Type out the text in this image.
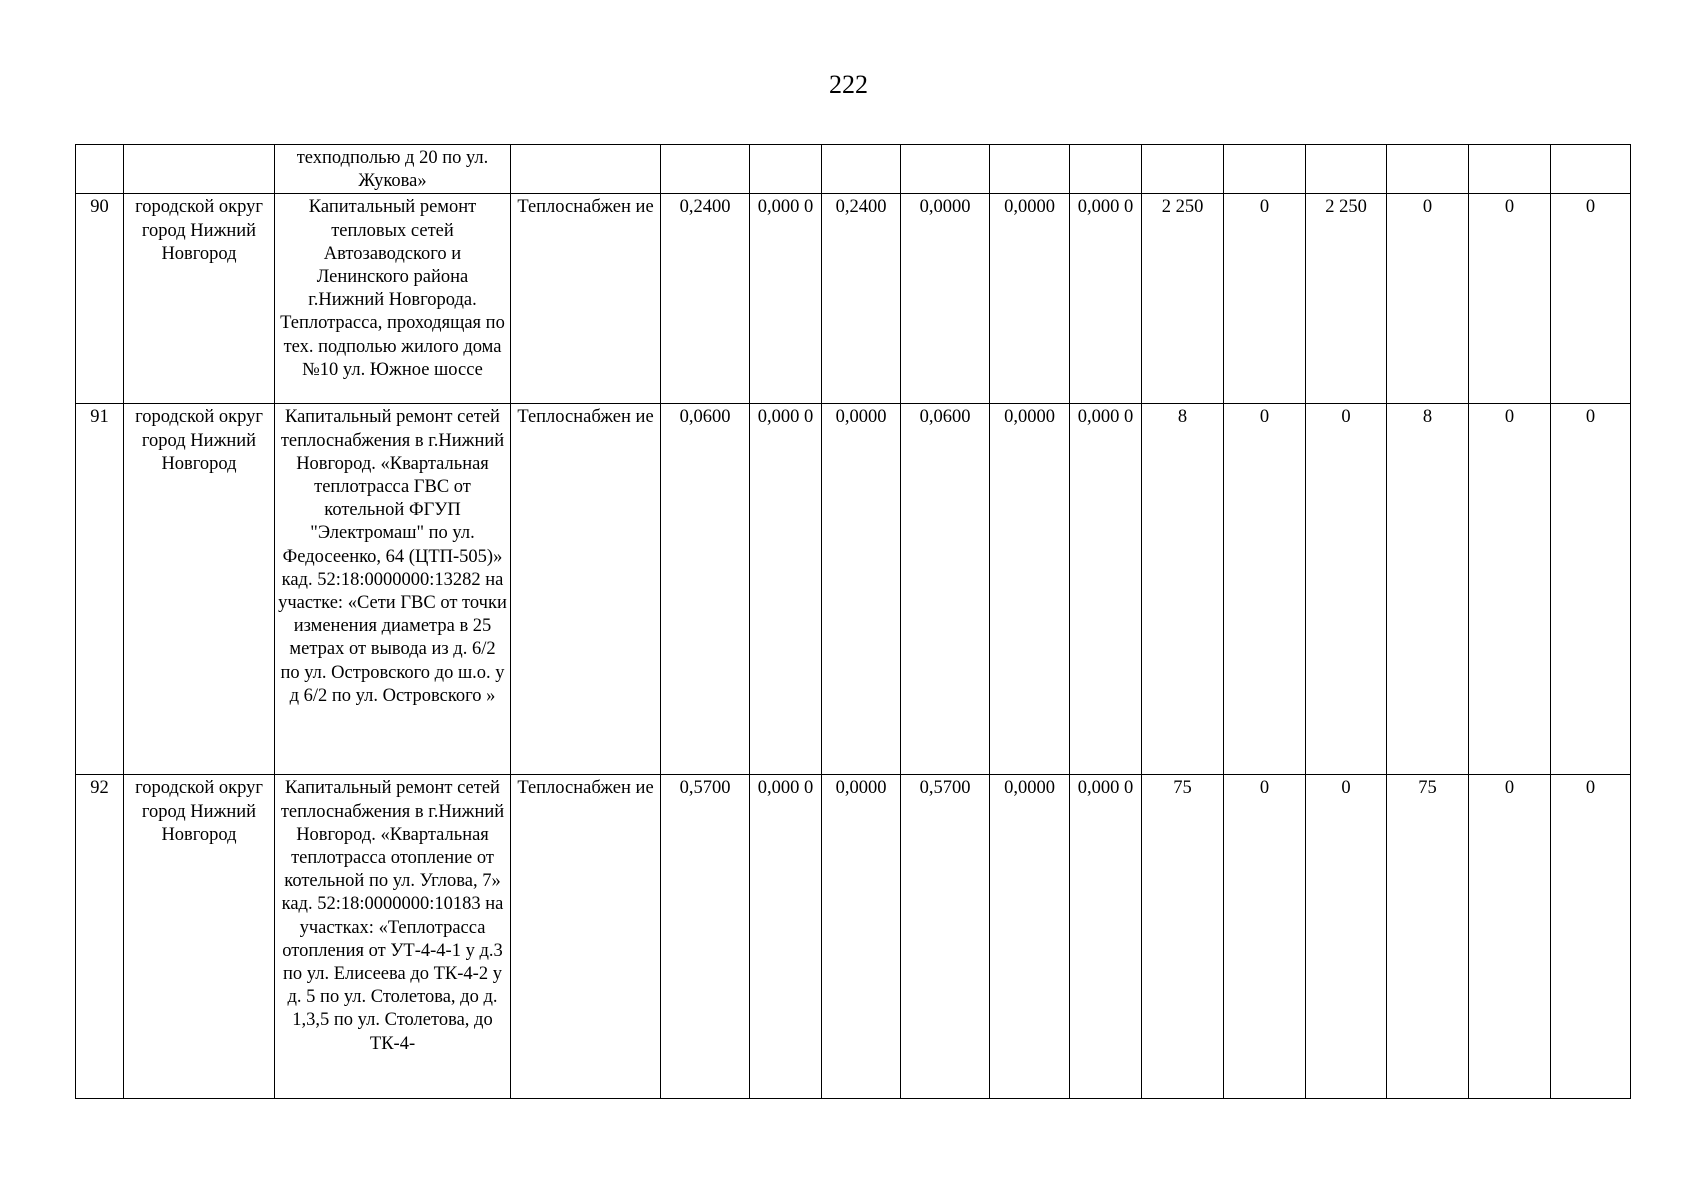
222
		техподполью д 20 по ул. Жукова»													
90	городской округ город Нижний Новгород	Капитальный ремонт тепловых сетей Автозаводского и Ленинского района г.Нижний Новгорода. Теплотрасса, проходящая по тех. подполью жилого дома №10 ул. Южное шоссе	Теплоснабжен ие	0,2400	0,000 0	0,2400	0,0000	0,0000	0,000 0	2 250	0	2 250	0	0	0
91	городской округ город Нижний Новгород	Капитальный ремонт сетей теплоснабжения в г.Нижний Новгород. «Квартальная теплотрасса ГВС от котельной ФГУП "Электромаш" по ул. Федосеенко, 64 (ЦТП-505)» кад. 52:18:0000000:13282 на участке: «Сети ГВС от точки изменения диаметра в 25 метрах от вывода из д. 6/2 по ул. Островского до ш.о. у д 6/2 по ул. Островского »	Теплоснабжен ие	0,0600	0,000 0	0,0000	0,0600	0,0000	0,000 0	8	0	0	8	0	0
92	городской округ город Нижний Новгород	Капитальный ремонт сетей теплоснабжения в г.Нижний Новгород. «Квартальная теплотрасса отопление от котельной по ул. Углова, 7» кад. 52:18:0000000:10183 на участках: «Теплотрасса отопления от УТ-4-4-1 у д.3 по ул. Елисеева до ТК-4-2 у д. 5 по ул. Столетова, до д. 1,3,5 по ул. Столетова, до ТК-4-	Теплоснабжен ие	0,5700	0,000 0	0,0000	0,5700	0,0000	0,000 0	75	0	0	75	0	0
